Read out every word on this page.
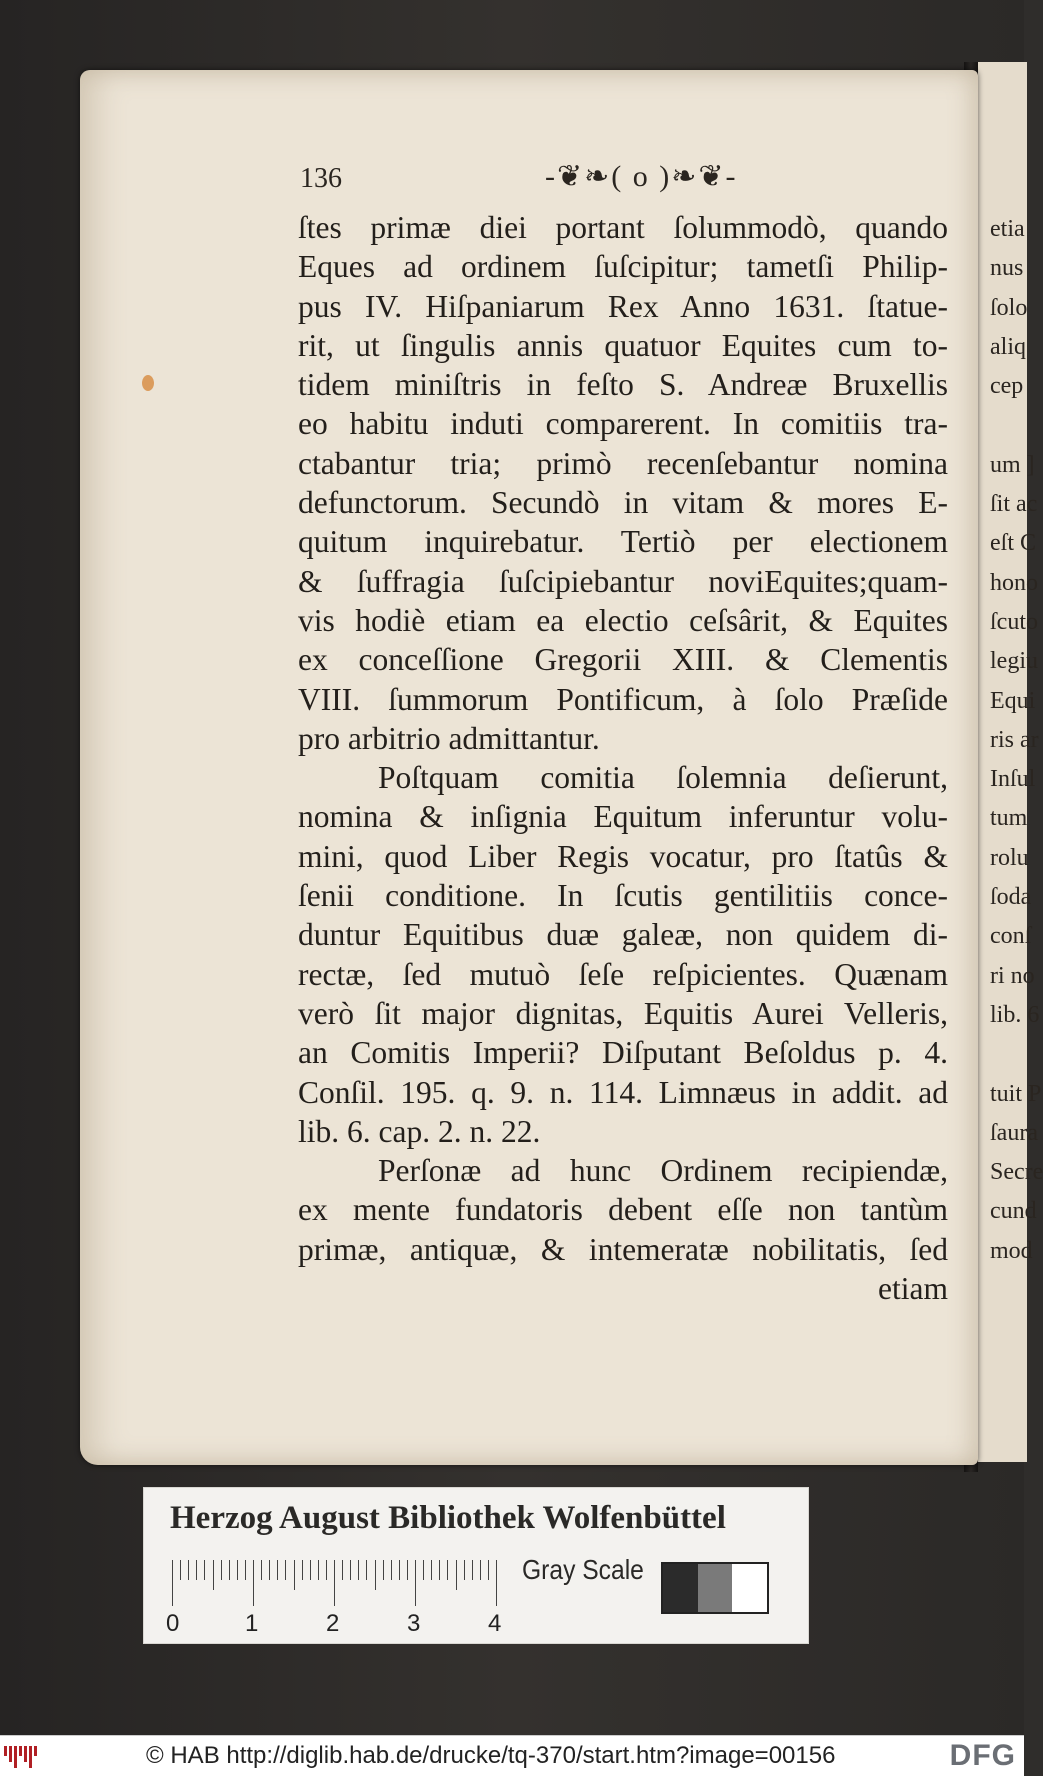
136	-❦❧( o )❧❦-
ſtes primæ diei portant ſolummodò, quando
Eques ad ordinem ſuſcipitur; tametſi Philip-
pus IV. Hiſpaniarum Rex Anno 1631. ſtatue-
rit, ut ſingulis annis quatuor Equites cum to-
tidem miniſtris in feſto S. Andreæ Bruxellis
eo habitu induti comparerent. In comitiis tra-
ctabantur tria; primò recenſebantur nomina
defunctorum. Secundò in vitam & mores E-
quitum inquirebatur. Tertiò per electionem
& ſuffragia ſuſcipiebantur noviEquites;quam-
vis hodiè etiam ea electio ceſsârit, & Equites
ex conceſſione Gregorii XIII. & Clementis
VIII. ſummorum Pontificum, à ſolo Præſide
pro arbitrio admittantur.
Poſtquam comitia ſolemnia deſierunt,
nomina & inſignia Equitum inferuntur volu-
mini, quod Liber Regis vocatur, pro ſtatûs &
ſenii conditione. In ſcutis gentilitiis conce-
duntur Equitibus duæ galeæ, non quidem di-
rectæ, ſed mutuò ſeſe reſpicientes. Quænam
verò ſit major dignitas, Equitis Aurei Velleris,
an Comitis Imperii? Diſputant Beſoldus p. 4.
Conſil. 195. q. 9. n. 114. Limnæus in addit. ad
lib. 6. cap. 2. n. 22.
Perſonæ ad hunc Ordinem recipiendæ,
ex mente fundatoris debent eſſe non tantùm
primæ, antiquæ, & intemeratæ nobilitatis, ſed
etiam
etia
nus
ſolo
aliq
cep
um ]
ſit ac
eſt C
hono
ſcuto
legiu
Equi
ris ar
Inſul
tum
rolu
ſoda
conſ
ri no
lib. 6
tuit P
ſaura
Secre
cund
mod
Herzog August Bibliothek Wolfenbüttel
0	1	2	3	4
Gray Scale
© HAB http://diglib.hab.de/drucke/tq-370/start.htm?image=00156	DFG
